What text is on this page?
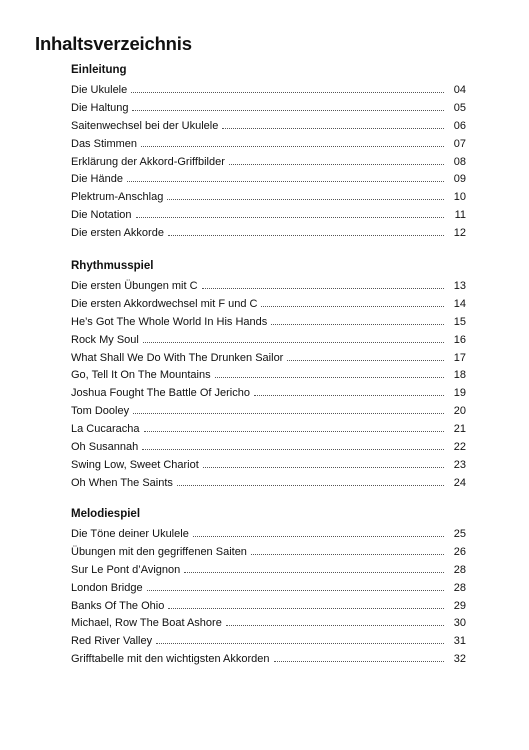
Inhaltsverzeichnis
Einleitung
Die Ukulele	04
Die Haltung	05
Saitenwechsel bei der Ukulele	06
Das Stimmen	07
Erklärung der Akkord-Griffbilder	08
Die Hände	09
Plektrum-Anschlag	10
Die Notation	11
Die ersten Akkorde	12
Rhythmusspiel
Die ersten Übungen mit C	13
Die ersten Akkordwechsel mit F und C	14
He’s Got The Whole World In His Hands	15
Rock My Soul	16
What Shall We Do With The Drunken Sailor	17
Go, Tell It On The Mountains	18
Joshua Fought The Battle Of Jericho	19
Tom Dooley	20
La Cucaracha	21
Oh Susannah	22
Swing Low, Sweet Chariot	23
Oh When The Saints	24
Melodiespiel
Die Töne deiner Ukulele	25
Übungen mit den gegriffenen Saiten	26
Sur Le Pont d’Avignon	28
London Bridge	28
Banks Of The Ohio	29
Michael, Row The Boat Ashore	30
Red River Valley	31
Grifftabelle mit den wichtigsten Akkorden	32
